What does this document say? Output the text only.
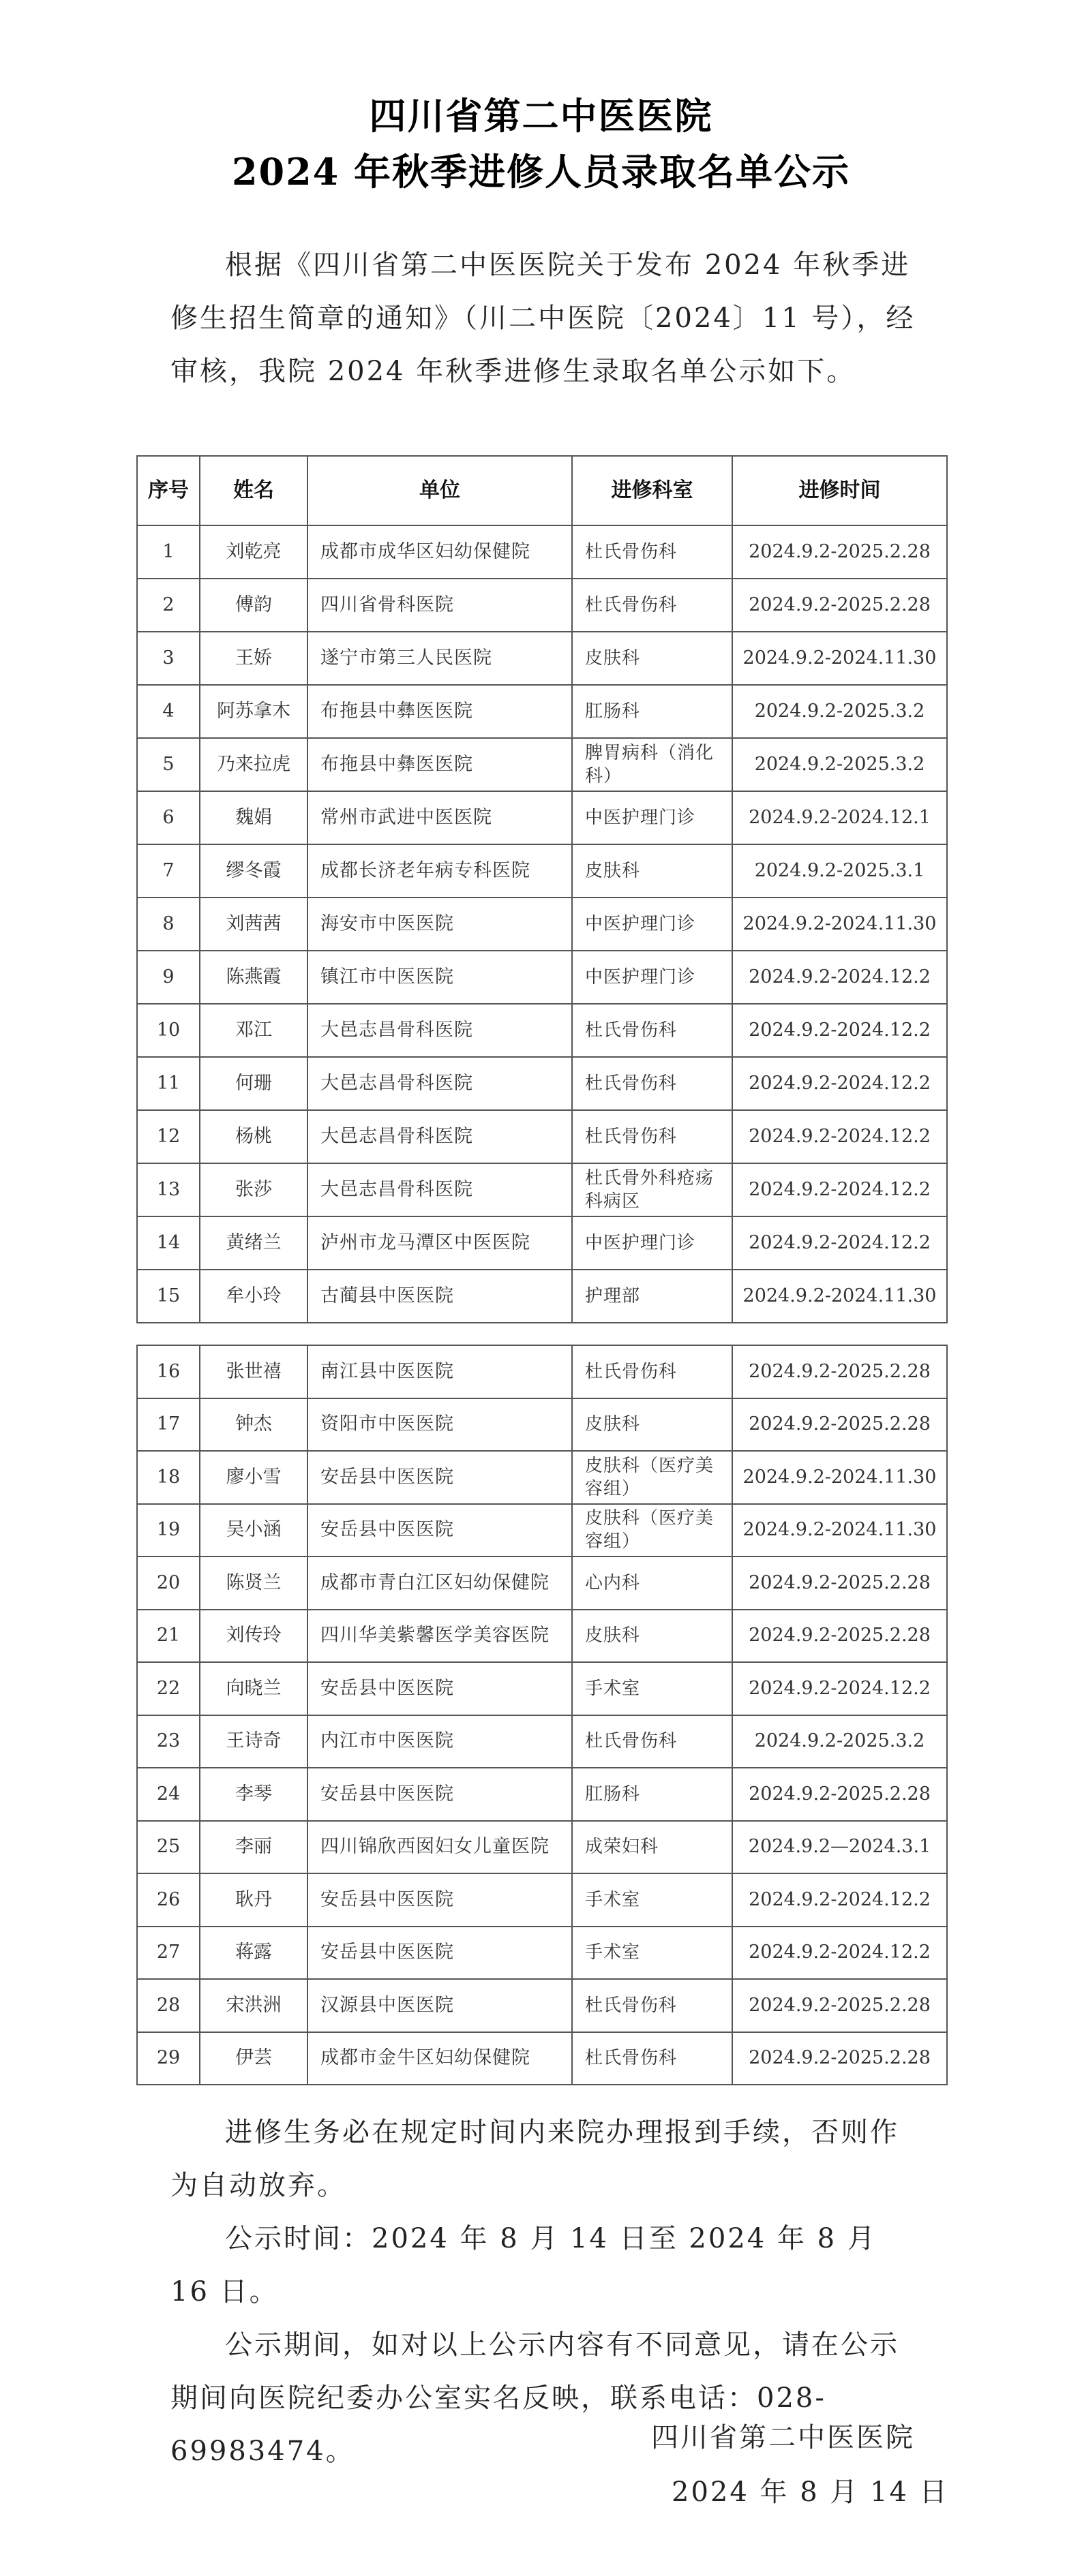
四川省第二中医医院
2024 年秋季进修人员录取名单公示

根据《四川省第二中医医院关于发布 2024 年秋季进修生招生简章的通知》（川二中医院〔2024〕11 号），经审核，我院 2024 年秋季进修生录取名单公示如下。

序号	姓名	单位	进修科室	进修时间
1	刘乾亮	成都市成华区妇幼保健院	杜氏骨伤科	2024.9.2-2025.2.28
2	傅韵	四川省骨科医院	杜氏骨伤科	2024.9.2-2025.2.28
3	王娇	遂宁市第三人民医院	皮肤科	2024.9.2-2024.11.30
4	阿苏拿木	布拖县中彝医医院	肛肠科	2024.9.2-2025.3.2
5	乃来拉虎	布拖县中彝医医院	脾胃病科（消化科）	2024.9.2-2025.3.2
6	魏娟	常州市武进中医医院	中医护理门诊	2024.9.2-2024.12.1
7	缪冬霞	成都长济老年病专科医院	皮肤科	2024.9.2-2025.3.1
8	刘茜茜	海安市中医医院	中医护理门诊	2024.9.2-2024.11.30
9	陈燕霞	镇江市中医医院	中医护理门诊	2024.9.2-2024.12.2
10	邓江	大邑志昌骨科医院	杜氏骨伤科	2024.9.2-2024.12.2
11	何珊	大邑志昌骨科医院	杜氏骨伤科	2024.9.2-2024.12.2
12	杨桃	大邑志昌骨科医院	杜氏骨伤科	2024.9.2-2024.12.2
13	张莎	大邑志昌骨科医院	杜氏骨外科疮疡科病区	2024.9.2-2024.12.2
14	黄绪兰	泸州市龙马潭区中医医院	中医护理门诊	2024.9.2-2024.12.2
15	牟小玲	古蔺县中医医院	护理部	2024.9.2-2024.11.30
16	张世禧	南江县中医医院	杜氏骨伤科	2024.9.2-2025.2.28
17	钟杰	资阳市中医医院	皮肤科	2024.9.2-2025.2.28
18	廖小雪	安岳县中医医院	皮肤科（医疗美容组）	2024.9.2-2024.11.30
19	吴小涵	安岳县中医医院	皮肤科（医疗美容组）	2024.9.2-2024.11.30
20	陈贤兰	成都市青白江区妇幼保健院	心内科	2024.9.2-2025.2.28
21	刘传玲	四川华美紫馨医学美容医院	皮肤科	2024.9.2-2025.2.28
22	向晓兰	安岳县中医医院	手术室	2024.9.2-2024.12.2
23	王诗奇	内江市中医医院	杜氏骨伤科	2024.9.2-2025.3.2
24	李琴	安岳县中医医院	肛肠科	2024.9.2-2025.2.28
25	李丽	四川锦欣西囡妇女儿童医院	成荣妇科	2024.9.2—2024.3.1
26	耿丹	安岳县中医医院	手术室	2024.9.2-2024.12.2
27	蒋露	安岳县中医医院	手术室	2024.9.2-2024.12.2
28	宋洪洲	汉源县中医医院	杜氏骨伤科	2024.9.2-2025.2.28
29	伊芸	成都市金牛区妇幼保健院	杜氏骨伤科	2024.9.2-2025.2.28

进修生务必在规定时间内来院办理报到手续，否则作为自动放弃。

公示时间：2024 年 8 月 14 日至 2024 年 8 月 16 日。

公示期间，如对以上公示内容有不同意见，请在公示期间向医院纪委办公室实名反映，联系电话：028-69983474。	四川省第二中医医院
2024 年 8 月 14 日
